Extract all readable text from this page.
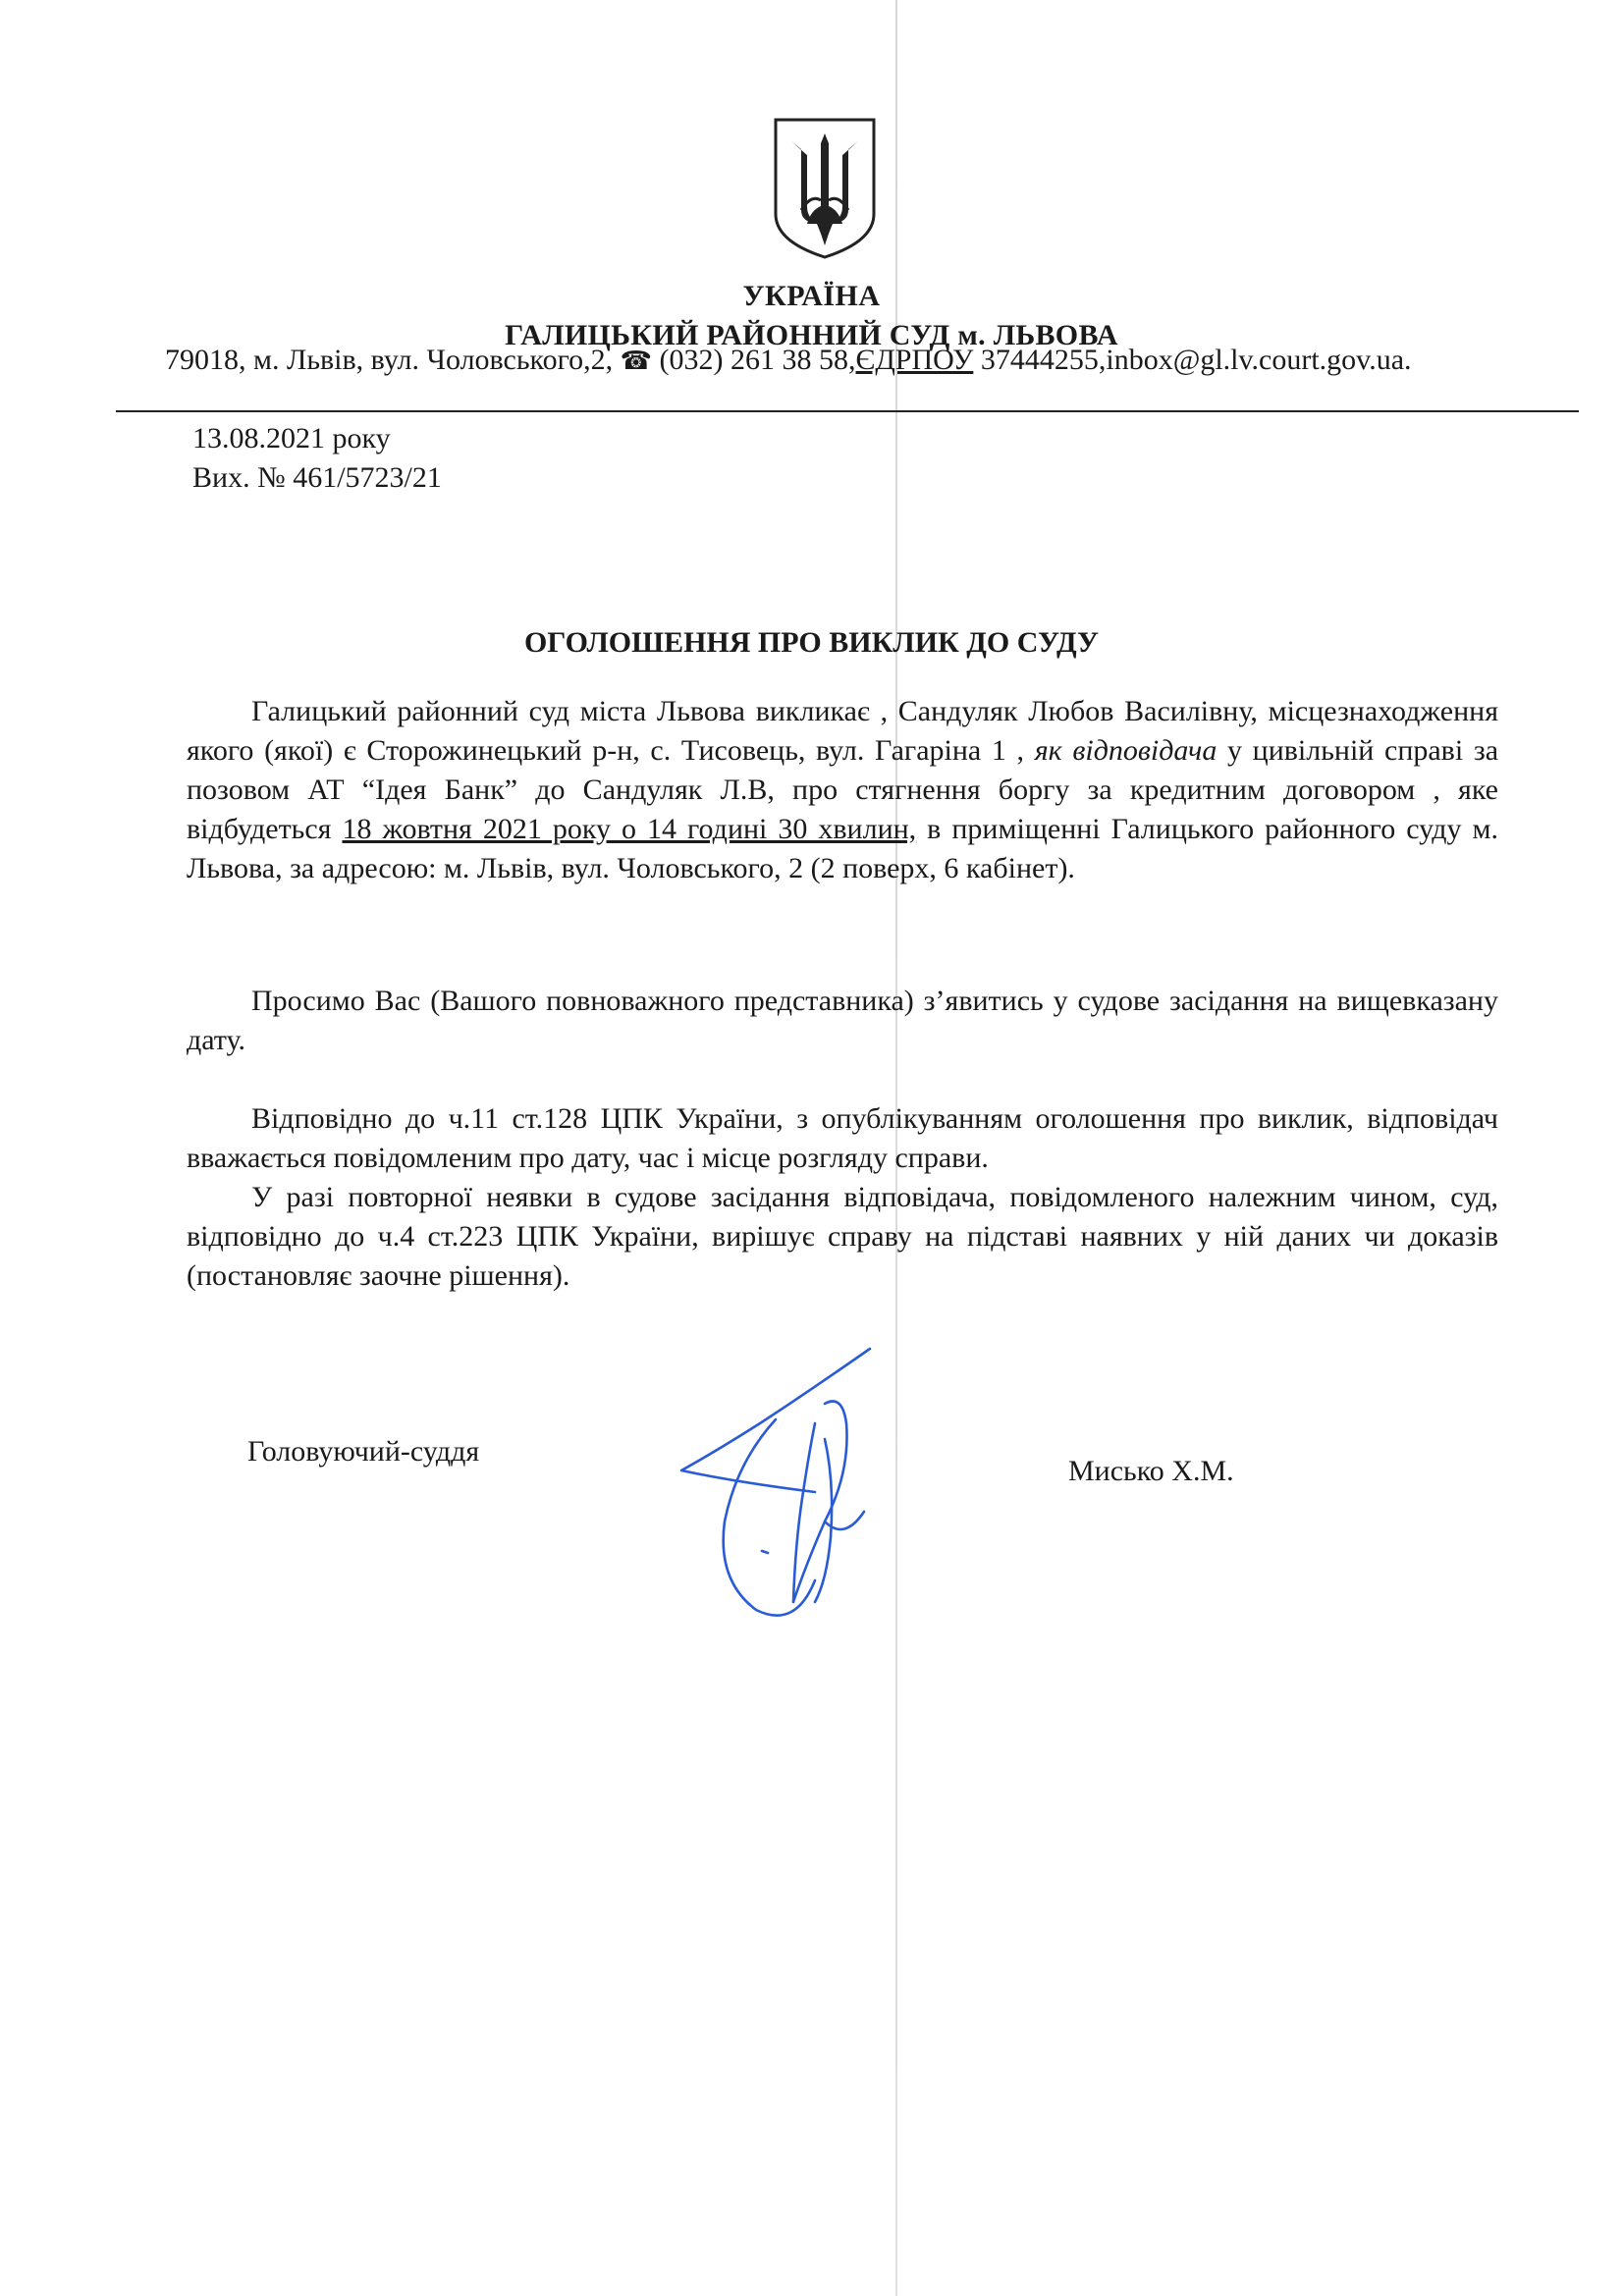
УКРАЇНА
ГАЛИЦЬКИЙ РАЙОННИЙ СУД м. ЛЬВОВА
79018, м. Львів, вул. Чоловського,2, ☎ (032) 261 38 58,ЄДРПОУ 37444255,inbox@gl.lv.court.gov.ua.
13.08.2021 року
Вих. № 461/5723/21
ОГОЛОШЕННЯ ПРО ВИКЛИК ДО СУДУ
Галицький районний суд міста Львова викликає , Сандуляк Любов Василівну, місцезнаходження якого (якої) є Сторожинецький р-н, с. Тисовець, вул. Гагаріна 1 , як відповідача у цивільній справі за позовом АТ “Ідея Банк” до Сандуляк Л.В, про стягнення боргу за кредитним договором , яке відбудеться 18 жовтня 2021 року о 14 годині 30 хвилин, в приміщенні Галицького районного суду м. Львова, за адресою: м. Львів, вул. Чоловського, 2 (2 поверх, 6 кабінет).
Просимо Вас (Вашого повноважного представника) з’явитись у судове засідання на вищевказану дату.
Відповідно до ч.11 ст.128 ЦПК України, з опублікуванням оголошення про виклик, відповідач вважається повідомленим про дату, час і місце розгляду справи.
У разі повторної неявки в судове засідання відповідача, повідомленого належним чином, суд, відповідно до ч.4 ст.223 ЦПК України, вирішує справу на підставі наявних у ній даних чи доказів (постановляє заочне рішення).
Головуючий-суддя
Мисько Х.М.
